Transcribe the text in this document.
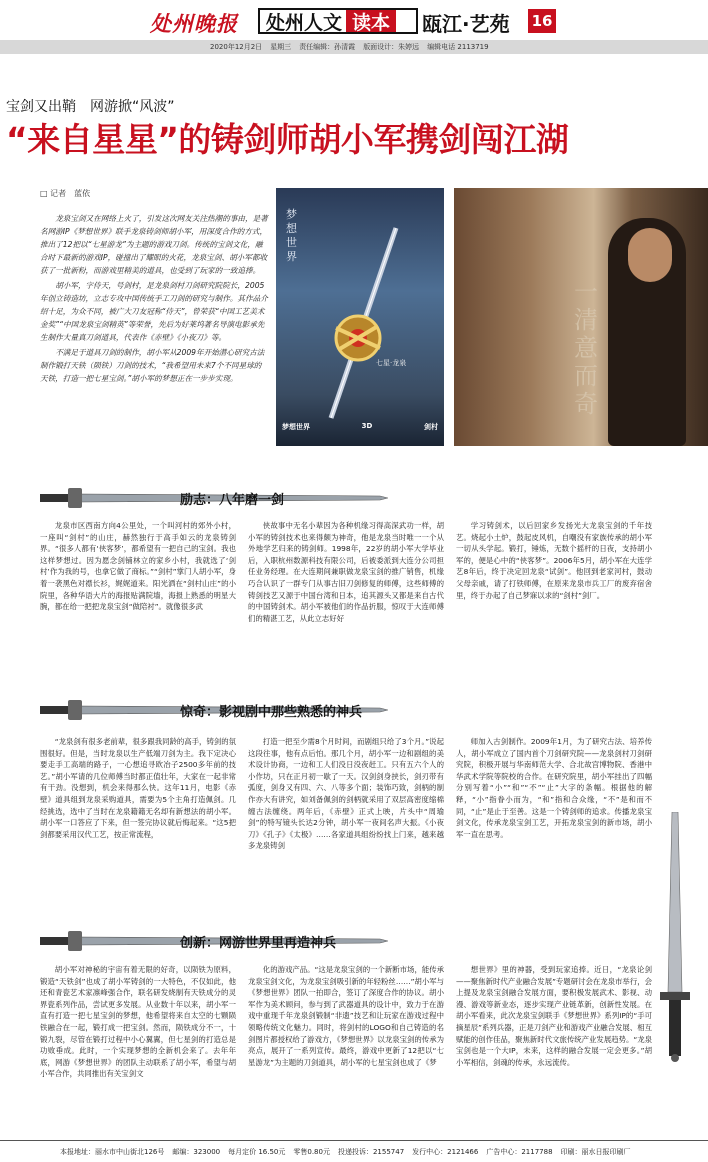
处州晚报	处州人文 读本	瓯江·艺苑 16
2020年12月2日 星期三 责任编辑：孙清霞 版面设计：朱婷远 编辑电话 2113719
宝剑又出鞘　网游掀“风波”
“来自星星”的铸剑师胡小军携剑闯江湖
□ 记者　蓝依

龙泉宝剑又在网络上火了，引发这次网友关注热潮的事由，是著名网游IP《梦想世界》联手龙泉铸剑师胡小军，用深度合作的方式，推出了12把以“七星游龙”为主题的游戏刀剑。传统的宝剑文化，融合时下最新的游戏IP，碰撞出了耀眼的火花，龙泉宝剑、胡小军都收获了一批新粉，而游戏里精美的道具，也受到了玩家的一致追捧。

胡小军，字侍天，号剑村，是龙泉剑村刀剑研究院院长，2005年创立铸造坊，立志专攻中国传统手工刀剑的研究与制作。其作品介绍十足，为众不同，被广大刀友冠称“侍天”，曾荣获“中国工艺美术金奖”“中国龙泉宝剑精英”等荣誉，先后为好莱坞著名导演电影承先生制作大量真刀剑道具，代表作《赤壁》《小夜刀》等。

不满足于道具刀剑的制作，胡小军从2009年开始潜心研究古法制作锻打天铁（陨铁）刀剑的技术，“我希望用未来7个不同星球的天铁，打造一把七星宝剑。”胡小军的梦想正在一步步实现。

梦想世界
七星·龙泉
梦想世界	3D	剑村
一清意而奇
励志：八年磨一剑

龙泉市区西南方向4公里处，一个叫河村的郊外小村，一座叫“剑村”的山庄，赫然独行于高手如云的龙泉铸剑界。“很多人都有‘侠客梦’，都希望有一把自己的宝剑。我也这样梦想过。因为愿念剑铺林立的家乡小村，我就选了‘剑村’作为我的号，也拿它做了商标。”“剑村”掌门人胡小军，身着一袭黑色对襟长衫，娓娓道来。阳光洒在“剑村山庄”的小院里，各种华语大片的海报贴满院墙，海报上熟悉的明星大腕，都在给一把把龙泉宝剑“做陪衬”。就像很多武

侠故事中无名小辈因为各种机缘习得高深武功一样，胡小军的铸剑技术也来得颇为神奇，他是龙泉当时唯一一个从外地学艺归来的铸剑师。1998年，22岁的胡小军大学毕业后，入职杭州数源科技有限公司，后被委派到大连分公司担任业务经理。在大连期间兼职做龙泉宝剑的推广销售，机缘巧合认识了一群专门从事古旧刀剑修复的师傅，这些师傅的铸剑技艺又源于中国台湾和日本，追其源头又都是来自古代的中国铸剑术。胡小军被他们的作品折服，惊叹于大连师傅们的精湛工艺，从此立志好好

学习铸剑术，以后回家乡发扬光大龙泉宝剑的千年技艺。烧起小土炉，鼓起皮风机，自嘲没有家族传承的胡小军一切从头学起。锻打，锤炼，无数个摇杆的日夜，支持胡小军的，便是心中的“侠客梦”。2006年5月，胡小军在大连学艺8年后，终于决定回龙泉“试剑”。他回到老家河村，鼓动父母亲戚，请了打铁师傅，在原来龙泉市兵工厂的废弃宿舍里，终于办起了自己梦寐以求的“剑村”剑厂。

惊奇：影视剧中那些熟悉的神兵

“龙泉剑有很多老前辈，很多跟我同龄的高手，铸剑的氛围很好。但是，当时龙泉以生产低端刀剑为主。我下定决心要走手工高端的路子，一心想追寻欧冶子2500多年前的技艺。”胡小军请的几位师傅当时都正值壮年，大家在一起非常有干劲。没想到，机会来得那么快。这年11月，电影《赤壁》道具组到龙泉采购道具，需要为5个主角打造佩剑。几经挑选，选中了当时在龙泉籍籍无名却有新想法的胡小军。胡小军一口答应了下来，但一签完协议就后悔起来。“这5把剑都要采用汉代工艺，按正常流程，

打造一把至少需8个月时间，而剧组只给了3个月。”说起这段往事，他有点后怕。那几个月，胡小军一边和剧组的美术设计协商，一边和工人们没日没夜赶工。只有五六个人的小作坊，只在正月初一歇了一天。汉剑剑身挟长，剑刃带有弧度，剑身又有四、六、八等多个面；装饰巧致，剑柄的制作亦大有讲究，如刘备佩剑的剑柄就采用了双层高密度缩棉缠古法缠绕。两年后，《赤壁》正式上映，片头中“周瑜剑”的特写镜头长达2分钟，胡小军一夜间名声大振。《小夜刀》《孔子》《太极》……各家道具组纷纷找上门来，越来越多龙泉铸剑

师加入古剑制作。2009年1月，为了研究古法、培养传人，胡小军成立了国内首个刀剑研究院——龙泉剑村刀剑研究院，积极开展与华南师范大学、合北故宫博物院、香港中华武术学院等院校的合作。在研究院里，胡小军挂出了四幅分别写着“小”“和”“不”“止”大字的条幅。根据他的解释，“小”指眷小而为，“和”指和合众缘，“不”是和而不同，“止”是止于至善。这是一个铸剑师的追求。传播龙泉宝剑文化，传承龙泉宝剑工艺，开拓龙泉宝剑的新市场，胡小军一直在思考。

创新：网游世界里再造神兵

胡小军对神秘的宇宙有着无限的好奇，以陨铁为原料，锻造“天铁剑”也成了胡小军铸剑的一大特色，不仅如此，他还和青瓷艺术家凛峰强合作，联名研发烧制有天铁成分的灵界瓷系列作品，尝试更多发展。从业数十年以来，胡小军一直有打造一把七星宝剑的梦想，他希望将来自太空的七颗陨铁融合在一起，锻打成一把宝剑。然而，陨铁成分不一，十锻九裂，尽管在锻打过程中小心翼翼，但七星剑的打造总是功败垂成。此时，一个实现梦想的全新机会来了。去年年底，网游《梦想世界》的团队主动联系了胡小军，希望与胡小军合作，共同推出有关宝剑文

化的游戏产品。“这是龙泉宝剑的一个新断市场，能传承龙泉宝剑文化，为龙泉宝剑吸引新的年轻粉丝……”胡小军与《梦想世界》团队一拍即合，签订了深度合作的协议。胡小军作为美术顾问，参与到了武器道具的设计中，致力于在游戏中重现千年龙泉剑锻制“非遗”技艺和让玩家在游戏过程中领略传统文化魅力。同时，将剑村的LOGO和自己铸造的名剑图片都授权给了游戏方，《梦想世界》以龙泉宝剑的传承为亮点，展开了一系列宣传。最终，游戏中更新了12把以“七星游龙”为主题的刀剑道具，胡小军的七星宝剑也成了《梦

想世界》里的神器，受到玩家追捧。近日，“龙泉论剑——聚焦新时代产业融合发展”专题研讨会在龙泉市举行，会上提及龙泉宝剑融合发展方面，要积极发展武术、影视、动漫、游戏等新业态，逐步实现产业链革新，创新性发展。在胡小军看来，此次龙泉宝剑联手《梦想世界》系列IP的“手可摘星辰”系列兵器，正是刀剑产业和游戏产业融合发展、相互赋能的创作佳品，聚焦新时代文旅传统产业发展趋势。“龙泉宝剑也是一个大IP，未来，这样的融合发展一定会更多。”胡小军相信，剑魂的传承，永远流传。

本报地址：丽水市中山街北126号 邮编：323000 每月定价 16.50元 零售0.80元 投递投诉：2155747 发行中心：2121466 广告中心：2117788 印刷：丽水日报印刷厂
